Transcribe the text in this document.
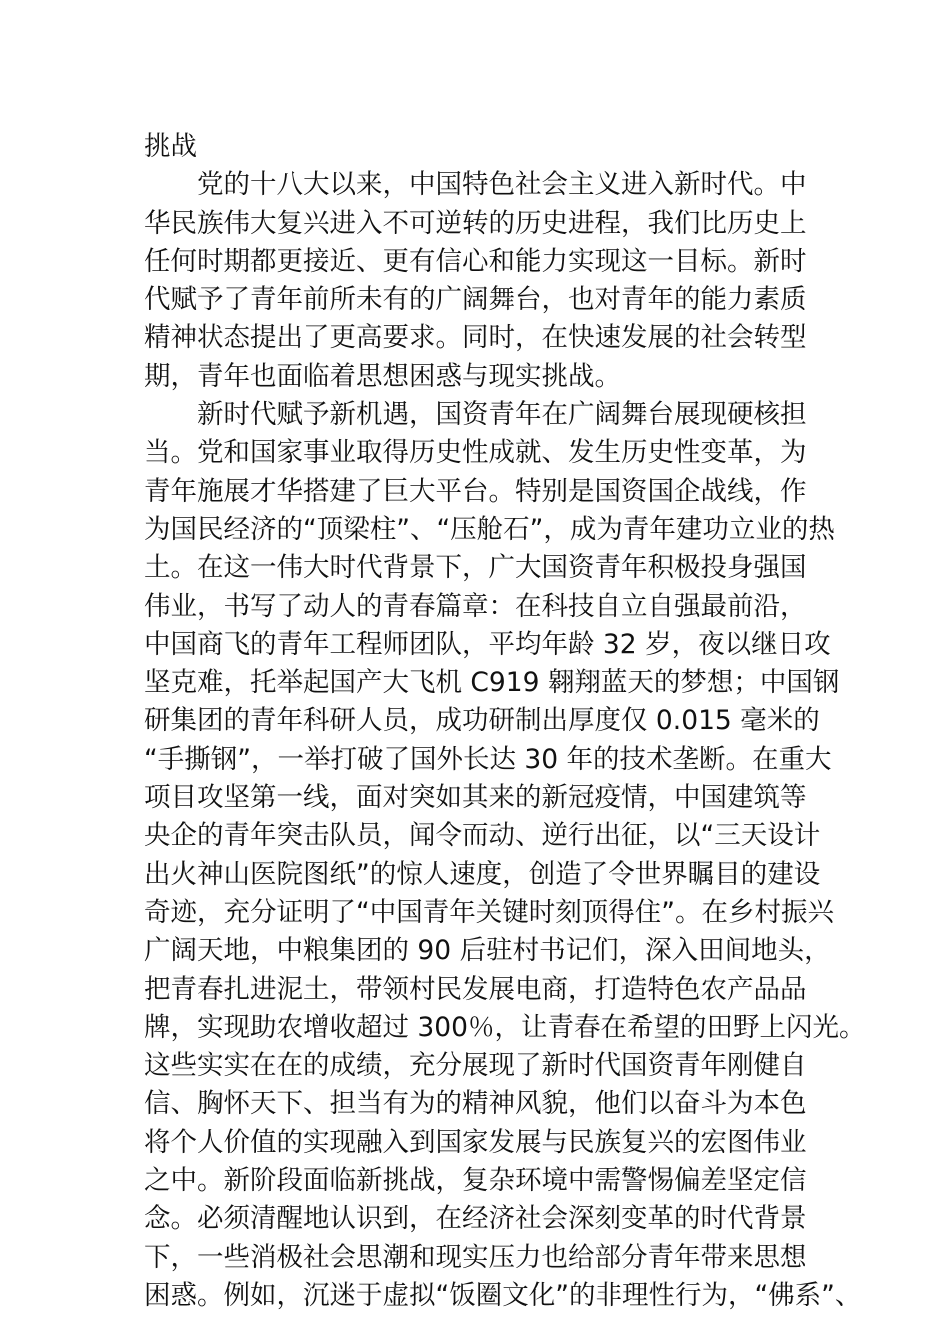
挑战
党的十八大以来，中国特色社会主义进入新时代。中
华民族伟大复兴进入不可逆转的历史进程，我们比历史上
任何时期都更接近、更有信心和能力实现这一目标。新时
代赋予了青年前所未有的广阔舞台，也对青年的能力素质
精神状态提出了更高要求。同时，在快速发展的社会转型
期，青年也面临着思想困惑与现实挑战。
新时代赋予新机遇，国资青年在广阔舞台展现硬核担
当。党和国家事业取得历史性成就、发生历史性变革，为
青年施展才华搭建了巨大平台。特别是国资国企战线，作
为国民经济的“顶梁柱”、“压舱石”，成为青年建功立业的热
土。在这一伟大时代背景下，广大国资青年积极投身强国
伟业，书写了动人的青春篇章：在科技自立自强最前沿，
中国商飞的青年工程师团队，平均年龄 32 岁，夜以继日攻
坚克难，托举起国产大飞机 C919 翱翔蓝天的梦想；中国钢
研集团的青年科研人员，成功研制出厚度仅 0.015 毫米的
“手撕钢”，一举打破了国外长达 30 年的技术垄断。在重大
项目攻坚第一线，面对突如其来的新冠疫情，中国建筑等
央企的青年突击队员，闻令而动、逆行出征，以“三天设计
出火神山医院图纸”的惊人速度，创造了令世界瞩目的建设
奇迹，充分证明了“中国青年关键时刻顶得住”。在乡村振兴
广阔天地，中粮集团的 90 后驻村书记们，深入田间地头，
把青春扎进泥土，带领村民发展电商，打造特色农产品品
牌，实现助农增收超过 300％，让青春在希望的田野上闪光。
这些实实在在的成绩，充分展现了新时代国资青年刚健自
信、胸怀天下、担当有为的精神风貌，他们以奋斗为本色
将个人价值的实现融入到国家发展与民族复兴的宏图伟业
之中。新阶段面临新挑战，复杂环境中需警惕偏差坚定信
念。必须清醒地认识到，在经济社会深刻变革的时代背景
下，一些消极社会思潮和现实压力也给部分青年带来思想
困惑。例如，沉迷于虚拟“饭圈文化”的非理性行为，“佛系”、
